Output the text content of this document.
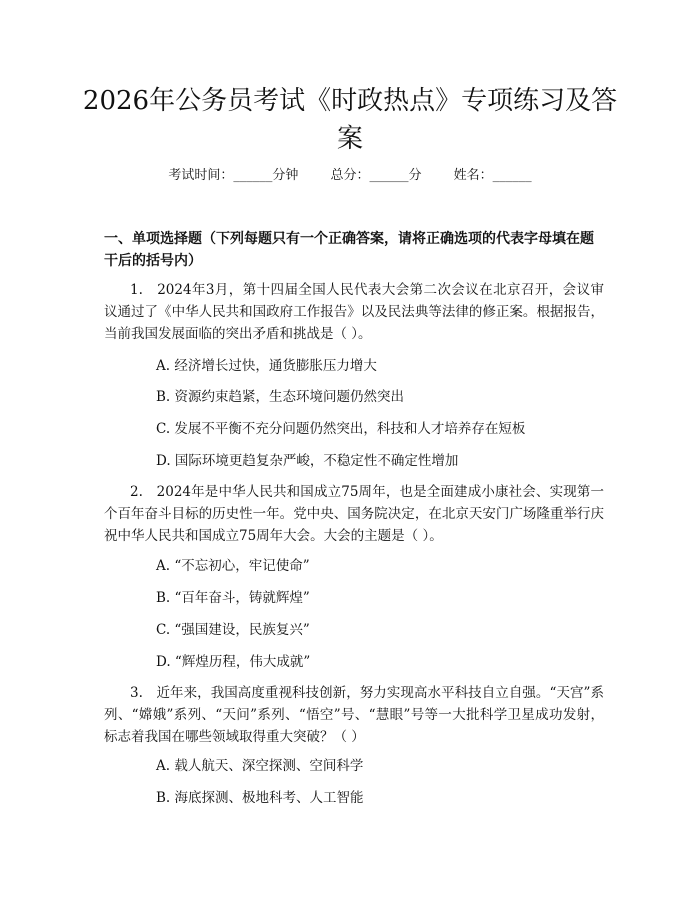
2026年公务员考试《时政热点》专项练习及答案
考试时间：______分钟 总分：______分 姓名：______

一、单项选择题（下列每题只有一个正确答案，请将正确选项的代表字母填在题干后的括号内）

1.　2024年3月，第十四届全国人民代表大会第二次会议在北京召开，会议审议通过了《中华人民共和国政府工作报告》以及民法典等法律的修正案。根据报告，当前我国发展面临的突出矛盾和挑战是（ ）。

A. 经济增长过快，通货膨胀压力增大

B. 资源约束趋紧，生态环境问题仍然突出

C. 发展不平衡不充分问题仍然突出，科技和人才培养存在短板

D. 国际环境更趋复杂严峻，不稳定性不确定性增加

2.　2024年是中华人民共和国成立75周年，也是全面建成小康社会、实现第一个百年奋斗目标的历史性一年。党中央、国务院决定，在北京天安门广场隆重举行庆祝中华人民共和国成立75周年大会。大会的主题是（ ）。

A. “不忘初心，牢记使命”

B. “百年奋斗，铸就辉煌”

C. “强国建设，民族复兴”

D. “辉煌历程，伟大成就”

3.　近年来，我国高度重视科技创新，努力实现高水平科技自立自强。“天宫”系列、“嫦娥”系列、“天问”系列、“悟空”号、“慧眼”号等一大批科学卫星成功发射，标志着我国在哪些领域取得重大突破？（ ）

A. 载人航天、深空探测、空间科学

B. 海底探测、极地科考、人工智能
